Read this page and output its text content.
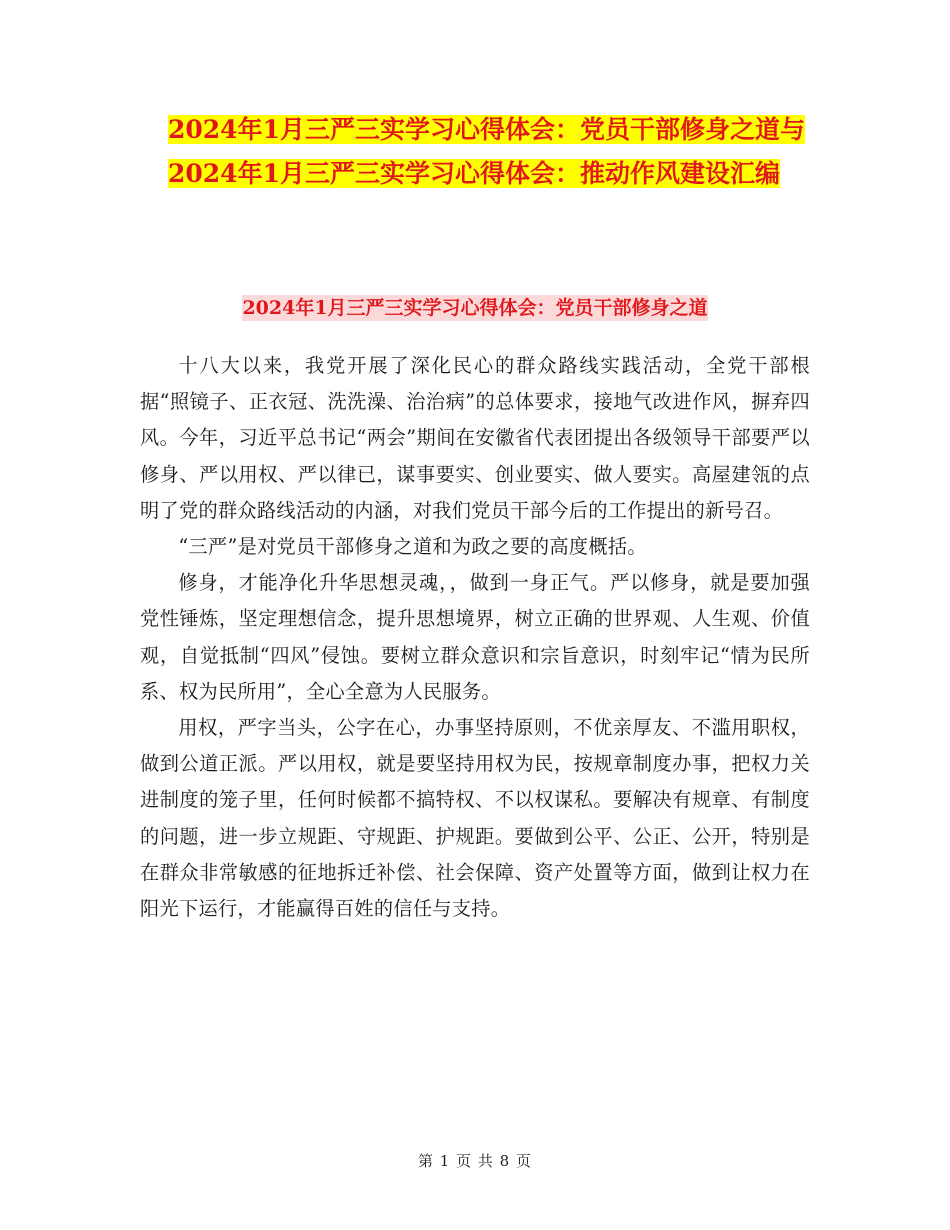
2024年1月三严三实学习心得体会：党员干部修身之道与2024年1月三严三实学习心得体会：推动作风建设汇编
2024年1月三严三实学习心得体会：党员干部修身之道

十八大以来，我党开展了深化民心的群众路线实践活动，全党干部根据“照镜子、正衣冠、洗洗澡、治治病”的总体要求，接地气改进作风，摒弃四风。今年，习近平总书记“两会”期间在安徽省代表团提出各级领导干部要严以修身、严以用权、严以律已，谋事要实、创业要实、做人要实。高屋建瓴的点明了党的群众路线活动的内涵，对我们党员干部今后的工作提出的新号召。

“三严”是对党员干部修身之道和为政之要的高度概括。

修身，才能净化升华思想灵魂，，做到一身正气。严以修身，就是要加强党性锤炼，坚定理想信念，提升思想境界，树立正确的世界观、人生观、价值观，自觉抵制“四风”侵蚀。要树立群众意识和宗旨意识，时刻牢记“情为民所系、权为民所用”，全心全意为人民服务。

用权，严字当头，公字在心，办事坚持原则，不优亲厚友、不滥用职权，做到公道正派。严以用权，就是要坚持用权为民，按规章制度办事，把权力关进制度的笼子里，任何时候都不搞特权、不以权谋私。要解决有规章、有制度的问题，进一步立规距、守规距、护规距。要做到公平、公正、公开，特别是在群众非常敏感的征地拆迁补偿、社会保障、资产处置等方面，做到让权力在阳光下运行，才能赢得百姓的信任与支持。

第 1 页 共 8 页
